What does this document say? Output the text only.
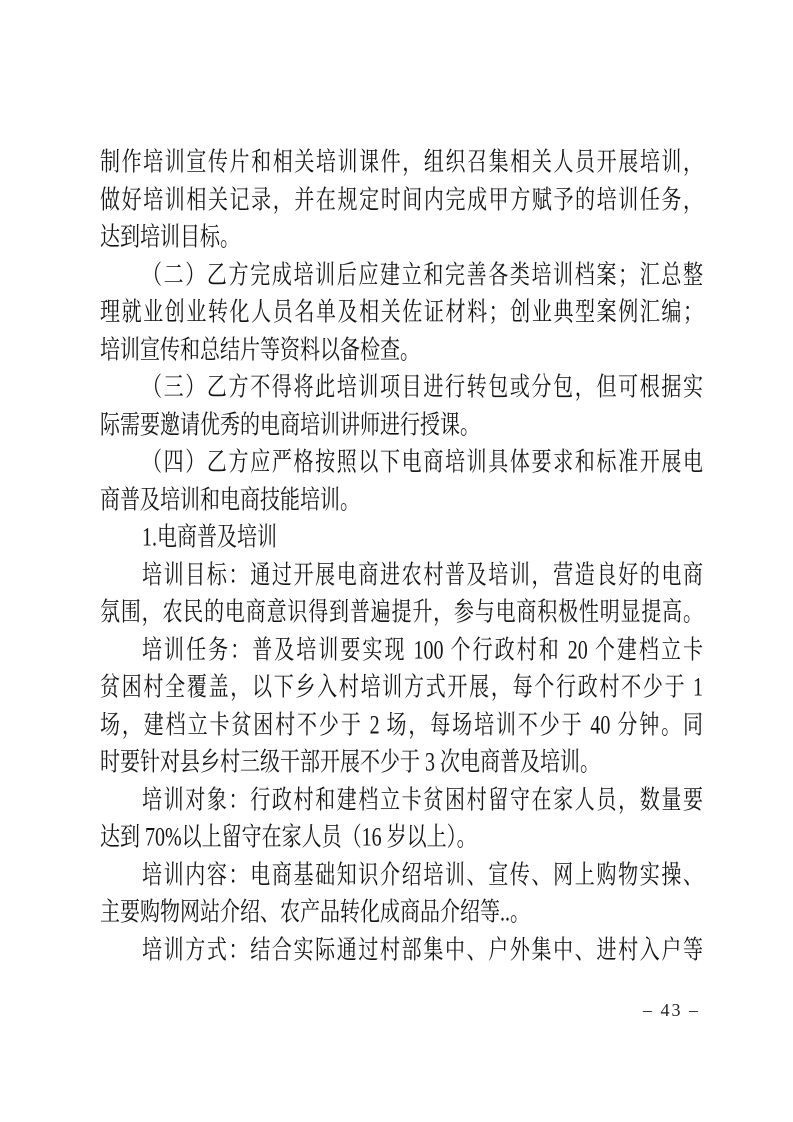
制作培训宣传片和相关培训课件，组织召集相关人员开展培训，
做好培训相关记录，并在规定时间内完成甲方赋予的培训任务，
达到培训目标。
（二）乙方完成培训后应建立和完善各类培训档案；汇总整
理就业创业转化人员名单及相关佐证材料；创业典型案例汇编；
培训宣传和总结片等资料以备检查。
（三）乙方不得将此培训项目进行转包或分包，但可根据实
际需要邀请优秀的电商培训讲师进行授课。
（四）乙方应严格按照以下电商培训具体要求和标准开展电
商普及培训和电商技能培训。
1.电商普及培训
培训目标：通过开展电商进农村普及培训，营造良好的电商
氛围，农民的电商意识得到普遍提升，参与电商积极性明显提高。
培训任务：普及培训要实现 100 个行政村和 20 个建档立卡
贫困村全覆盖，以下乡入村培训方式开展，每个行政村不少于 1
场，建档立卡贫困村不少于 2 场，每场培训不少于 40 分钟。同
时要针对县乡村三级干部开展不少于 3 次电商普及培训。
培训对象：行政村和建档立卡贫困村留守在家人员，数量要
达到 70%以上留守在家人员（16 岁以上）。
培训内容：电商基础知识介绍培训、宣传、网上购物实操、
主要购物网站介绍、农产品转化成商品介绍等..。
培训方式：结合实际通过村部集中、户外集中、进村入户等
– 43 –
